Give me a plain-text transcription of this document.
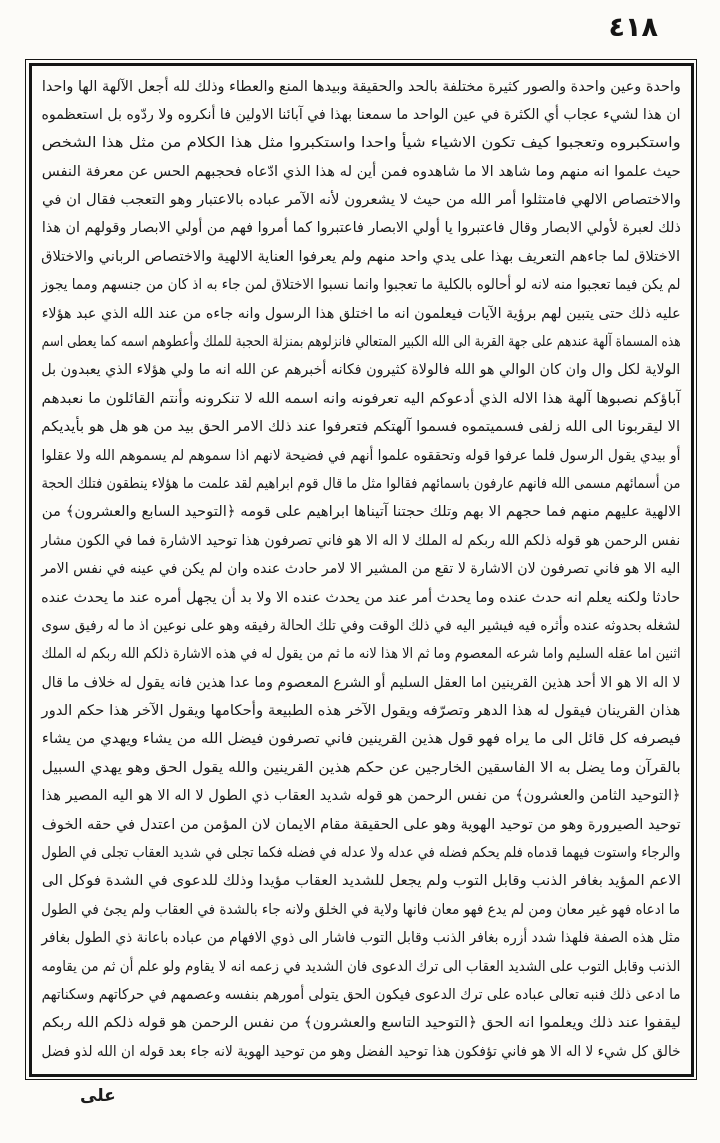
٤١٨
واحدة وعين واحدة والصور كثيرة مختلفة بالحد والحقيقة وبيدها المنع والعطاء وذلك لله أجعل الآلهة الها واحدا
ان هذا لشيء عجاب أي الكثرة في عين الواحد ما سمعنا بهذا في آبائنا الاولين فا أنكروه ولا ردّوه بل استعظموه
واستكبروه وتعجبوا كيف تكون الاشياء شيأ واحدا واستكبروا مثل هذا الكلام من مثل هذا الشخص
حيث علموا انه منهم وما شاهد الا ما شاهدوه فمن أين له هذا الذي ادّعاه فحجبهم الحس عن معرفة النفس
والاختصاص الالهي فامتثلوا أمر الله من حيث لا يشعرون لأنه الآمر عباده بالاعتبار وهو التعجب فقال ان في
ذلك لعبرة لأولي الابصار وقال فاعتبروا يا أولي الابصار فاعتبروا كما أمروا فهم من أولي الابصار وقولهم ان هذا
الاختلاق لما جاءهم التعريف بهذا على يدي واحد منهم ولم يعرفوا العناية الالهية والاختصاص الرباني والاختلاق
لم يكن فيما تعجبوا منه لانه لو أحالوه بالكلية ما تعجبوا وانما نسبوا الاختلاق لمن جاء به اذ كان من جنسهم ومما يجوز
عليه ذلك حتى يتبين لهم برؤية الآيات فيعلمون انه ما اختلق هذا الرسول وانه جاءه من عند الله الذي عبد هؤلاء
هذه المسماة آلهة عندهم على جهة القربة الى الله الكبير المتعالي فانزلوهم بمنزلة الحجبة للملك وأعطوهم اسمه كما يعطى اسم
الولاية لكل وال وان كان الوالي هو الله فالولاة كثيرون فكانه أخبرهم عن الله انه ما ولي هؤلاء الذي يعبدون بل
آباؤكم نصبوها آلهة هذا الاله الذي أدعوكم اليه تعرفونه وانه اسمه الله لا تنكرونه وأنتم القائلون ما نعبدهم
الا ليقربونا الى الله زلفى فسميتموه فسموا آلهتكم فتعرفوا عند ذلك الامر الحق بيد من هو هل هو بأيديكم
أو بيدي يقول الرسول فلما عرفوا قوله وتحققوه علموا أنهم في فضيحة لانهم اذا سموهم لم يسموهم الله ولا عقلوا
من أسمائهم مسمى الله فانهم عارفون باسمائهم فقالوا مثل ما قال قوم ابراهيم لقد علمت ما هؤلاء ينطقون فتلك الحجة
الالهية عليهم منهم فما حجهم الا بهم وتلك حجتنا آتيناها ابراهيم على قومه ﴿التوحيد السابع والعشرون﴾ من
نفس الرحمن هو قوله ذلكم الله ربكم له الملك لا اله الا هو فاني تصرفون هذا توحيد الاشارة فما في الكون مشار
اليه الا هو فاني تصرفون لان الاشارة لا تقع من المشير الا لامر حادث عنده وان لم يكن في عينه في نفس الامر
حادثا ولكنه يعلم انه حدث عنده وما يحدث أمر عند من يحدث عنده الا ولا بد أن يجهل أمره عند ما يحدث عنده
لشغله بحدوثه عنده وأثره فيه فيشير اليه في ذلك الوقت وفي تلك الحالة رفيقه وهو على نوعين اذ ما له رفيق سوى
اثنين اما عقله السليم واما شرعه المعصوم وما ثم الا هذا لانه ما ثم من يقول له في هذه الاشارة ذلكم الله ربكم له الملك
لا اله الا هو الا أحد هذين القرينين اما العقل السليم أو الشرع المعصوم وما عدا هذين فانه يقول له خلاف ما قال
هذان القرينان فيقول له هذا الدهر وتصرّفه ويقول الآخر هذه الطبيعة وأحكامها ويقول الآخر هذا حكم الدور
فيصرفه كل قائل الى ما يراه فهو قول هذين القرينين فاني تصرفون فيضل الله من يشاء ويهدي من يشاء
بالقرآن وما يضل به الا الفاسقين الخارجين عن حكم هذين القرينين والله يقول الحق وهو يهدي السبيل
﴿التوحيد الثامن والعشرون﴾ من نفس الرحمن هو قوله شديد العقاب ذي الطول لا اله الا هو اليه المصير هذا
توحيد الصيرورة وهو من توحيد الهوية وهو على الحقيقة مقام الايمان لان المؤمن من اعتدل في حقه الخوف
والرجاء واستوت فيهما قدماه فلم يحكم فضله في عدله ولا عدله في فضله فكما تجلى في شديد العقاب تجلى في الطول
الاعم المؤيد بغافر الذنب وقابل التوب ولم يجعل للشديد العقاب مؤيدا وذلك للدعوى في الشدة فوكل الى
ما ادعاه فهو غير معان ومن لم يدع فهو معان فانها ولاية في الخلق ولانه جاء بالشدة في العقاب ولم يجئ في الطول
مثل هذه الصفة فلهذا شدد أزره بغافر الذنب وقابل التوب فاشار الى ذوي الافهام من عباده باعانة ذي الطول بغافر
الذنب وقابل التوب على الشديد العقاب الى ترك الدعوى فان الشديد في زعمه انه لا يقاوم ولو علم أن ثم من يقاومه
ما ادعى ذلك فنبه تعالى عباده على ترك الدعوى فيكون الحق يتولى أمورهم بنفسه وعصمهم في حركاتهم وسكناتهم
ليقفوا عند ذلك ويعلموا انه الحق ﴿التوحيد التاسع والعشرون﴾ من نفس الرحمن هو قوله ذلكم الله ربكم
خالق كل شيء لا اله الا هو فاني تؤفكون هذا توحيد الفضل وهو من توحيد الهوية لانه جاء بعد قوله ان الله لذو فضل
على
